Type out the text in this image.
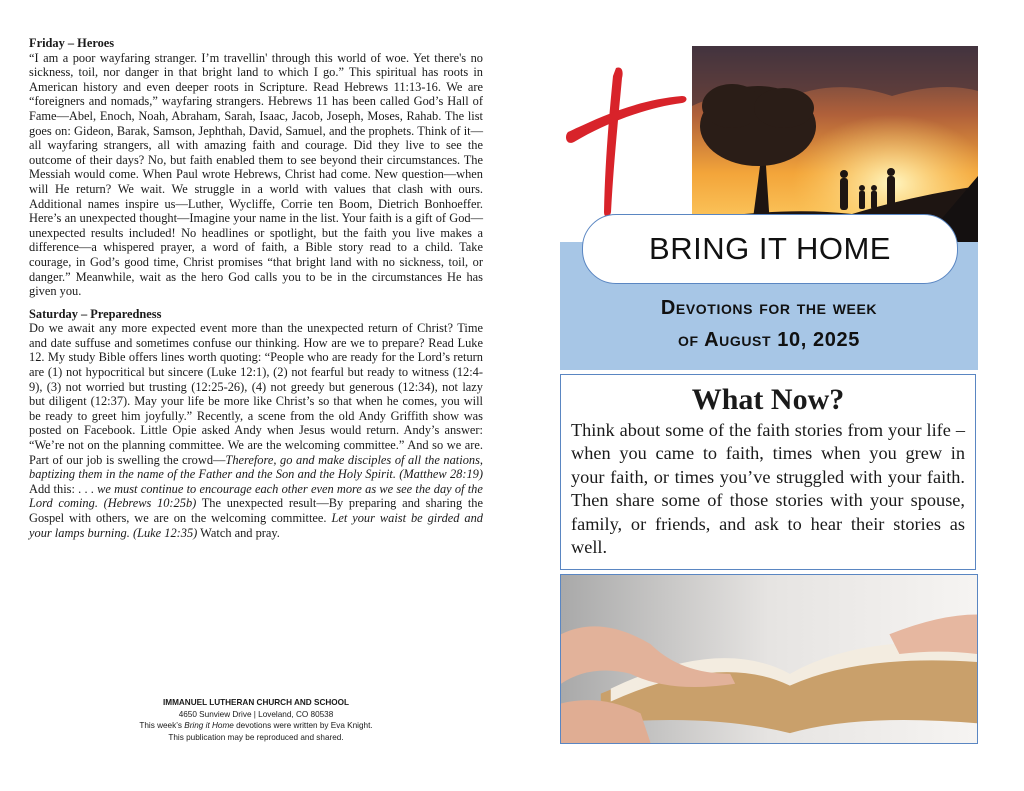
Friday – Heroes

“I am a poor wayfaring stranger. I’m travellin' through this world of woe. Yet there's no sickness, toil, nor danger in that bright land to which I go.” This spiritual has roots in American history and even deeper roots in Scripture. Read Hebrews 11:13-16. We are “foreigners and nomads,” wayfaring strangers. Hebrews 11 has been called God’s Hall of Fame—Abel, Enoch, Noah, Abraham, Sarah, Isaac, Jacob, Joseph, Moses, Rahab. The list goes on: Gideon, Barak, Samson, Jephthah, David, Samuel, and the prophets. Think of it—all wayfaring strangers, all with amazing faith and courage. Did they live to see the outcome of their days? No, but faith enabled them to see beyond their circumstances. The Messiah would come. When Paul wrote Hebrews, Christ had come. New question—when will He return? We wait. We struggle in a world with values that clash with ours. Additional names inspire us—Luther, Wycliffe, Corrie ten Boom, Dietrich Bonhoeffer. Here’s an unexpected thought—Imagine your name in the list. Your faith is a gift of God—unexpected results included! No headlines or spotlight, but the faith you live makes a difference—a whispered prayer, a word of faith, a Bible story read to a child. Take courage, in God’s good time, Christ promises “that bright land with no sickness, toil, or danger.” Meanwhile, wait as the hero God calls you to be in the circumstances He has given you.

Saturday – Preparedness

Do we await any more expected event more than the unexpected return of Christ? Time and date suffuse and sometimes confuse our thinking. How are we to prepare? Read Luke 12. My study Bible offers lines worth quoting: “People who are ready for the Lord’s return are (1) not hypocritical but sincere (Luke 12:1), (2) not fearful but ready to witness (12:4-9), (3) not worried but trusting (12:25-26), (4) not greedy but generous (12:34), not lazy but diligent (12:37). May your life be more like Christ’s so that when he comes, you will be ready to greet him joyfully.” Recently, a scene from the old Andy Griffith show was posted on Facebook. Little Opie asked Andy when Jesus would return. Andy’s answer: “We’re not on the planning committee. We are the welcoming committee.” And so we are. Part of our job is swelling the crowd—Therefore, go and make disciples of all the nations, baptizing them in the name of the Father and the Son and the Holy Spirit. (Matthew 28:19) Add this: . . . we must continue to encourage each other even more as we see the day of the Lord coming. (Hebrews 10:25b) The unexpected result—By preparing and sharing the Gospel with others, we are on the welcoming committee. Let your waist be girded and your lamps burning. (Luke 12:35) Watch and pray.

IMMANUEL LUTHERAN CHURCH AND SCHOOL
4650 Sunview Drive | Loveland, CO 80538
This week’s Bring it Home devotions were written by Eva Knight.
This publication may be reproduced and shared.
BRING IT HOME
Devotions for the week
of August 10, 2025
What Now?

Think about some of the faith stories from your life – when you came to faith, times when you grew in your faith, or times you’ve struggled with your faith. Then share some of those stories with your spouse, family, or friends, and ask to hear their stories as well.
